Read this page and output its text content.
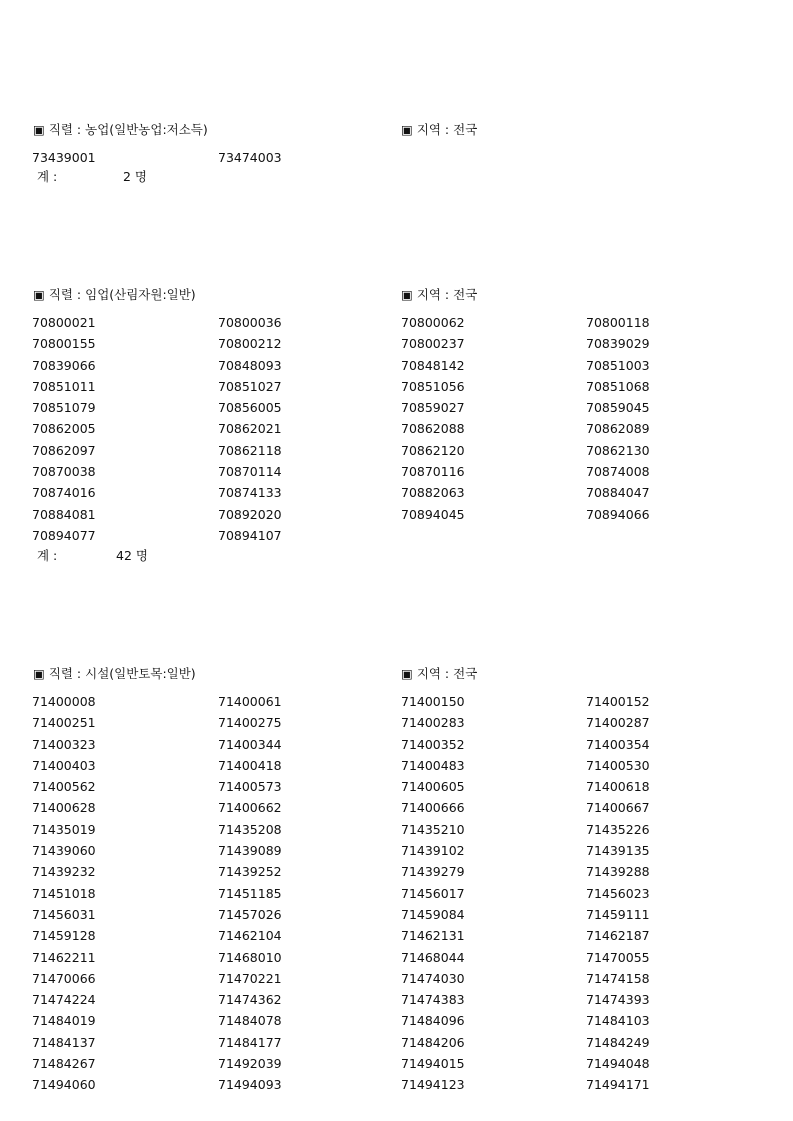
▣ 직렬 : 농업(일반농업:저소득)	▣ 지역 : 전국
73439001	73474003
계 :	2 명
▣ 직렬 : 임업(산림자원:일반)	▣ 지역 : 전국
70800021	70800036	70800062	70800118
70800155	70800212	70800237	70839029
70839066	70848093	70848142	70851003
70851011	70851027	70851056	70851068
70851079	70856005	70859027	70859045
70862005	70862021	70862088	70862089
70862097	70862118	70862120	70862130
70870038	70870114	70870116	70874008
70874016	70874133	70882063	70884047
70884081	70892020	70894045	70894066
70894077	70894107
계 :	42 명
▣ 직렬 : 시설(일반토목:일반)	▣ 지역 : 전국
71400008	71400061	71400150	71400152
71400251	71400275	71400283	71400287
71400323	71400344	71400352	71400354
71400403	71400418	71400483	71400530
71400562	71400573	71400605	71400618
71400628	71400662	71400666	71400667
71435019	71435208	71435210	71435226
71439060	71439089	71439102	71439135
71439232	71439252	71439279	71439288
71451018	71451185	71456017	71456023
71456031	71457026	71459084	71459111
71459128	71462104	71462131	71462187
71462211	71468010	71468044	71470055
71470066	71470221	71474030	71474158
71474224	71474362	71474383	71474393
71484019	71484078	71484096	71484103
71484137	71484177	71484206	71484249
71484267	71492039	71494015	71494048
71494060	71494093	71494123	71494171
